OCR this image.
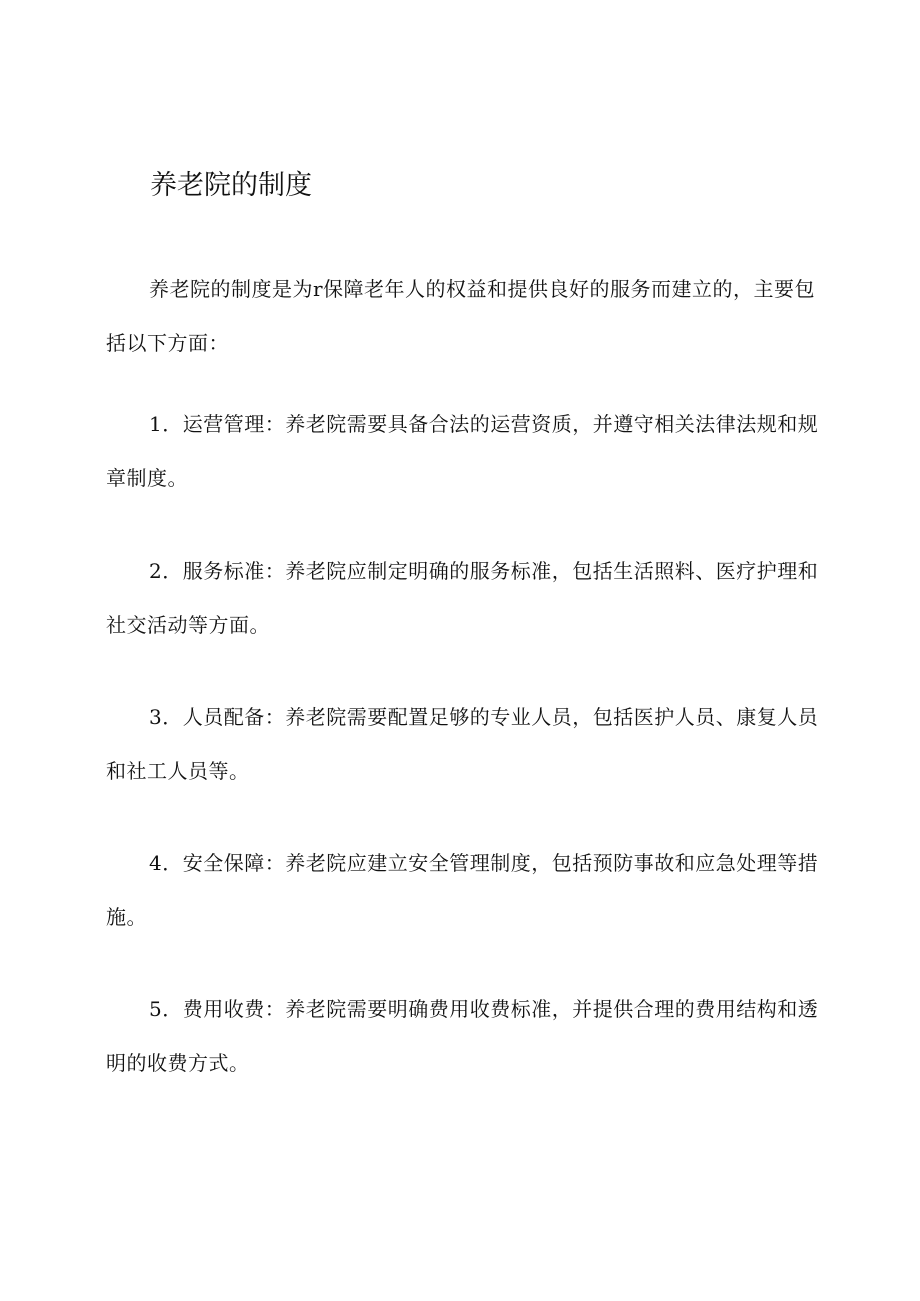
养老院的制度

养老院的制度是为r保障老年人的权益和提供良好的服务而建立的，主要包括以下方面：

1．运营管理：养老院需要具备合法的运营资质，并遵守相关法律法规和规章制度。

2．服务标准：养老院应制定明确的服务标准，包括生活照料、医疗护理和社交活动等方面。

3．人员配备：养老院需要配置足够的专业人员，包括医护人员、康复人员和社工人员等。

4．安全保障：养老院应建立安全管理制度，包括预防事故和应急处理等措施。

5．费用收费：养老院需要明确费用收费标准，并提供合理的费用结构和透明的收费方式。
